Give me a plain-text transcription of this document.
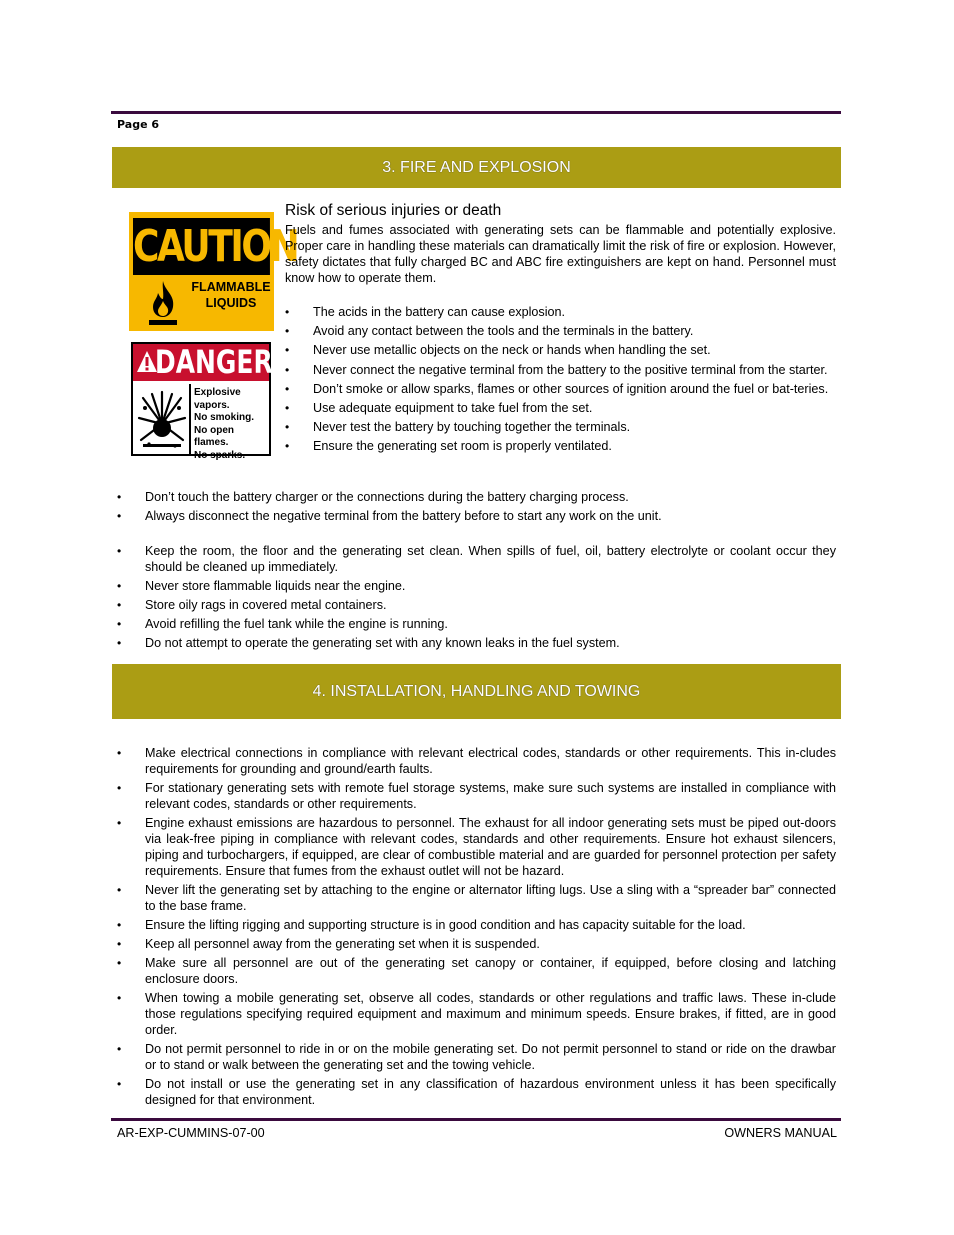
Page 6
3. FIRE AND EXPLOSION
CAUTION
FLAMMABLE
LIQUIDS
DANGER
Explosive
vapors.
No smoking.
No open flames.
No sparks.
Risk of serious injuries or death

Fuels and fumes associated with generating sets can be flammable and potentially explosive. Proper care in handling these materials can dramatically limit the risk of fire or explosion. However, safety dictates that fully charged BC and ABC fire extinguishers are kept on hand. Personnel must know how to operate them.

• The acids in the battery can cause explosion.
• Avoid any contact between the tools and the terminals in the battery.
• Never use metallic objects on the neck or hands when handling the set.
• Never connect the negative terminal from the battery to the positive terminal from the starter.
• Don’t smoke or allow sparks, flames or other sources of ignition around the fuel or bat-teries.
• Use adequate equipment to take fuel from the set.
• Never test the battery by touching together the terminals.
• Ensure the generating set room is properly ventilated.
• Don’t touch the battery charger or the connections during the battery charging process.
• Always disconnect the negative terminal from the battery before to start any work on the unit.
• Keep the room, the floor and the generating set clean. When spills of fuel, oil, battery electrolyte or coolant occur they should be cleaned up immediately.
• Never store flammable liquids near the engine.
• Store oily rags in covered metal containers.
• Avoid refilling the fuel tank while the engine is running.
• Do not attempt to operate the generating set with any known leaks in the fuel system.
4. INSTALLATION, HANDLING AND TOWING
• Make electrical connections in compliance with relevant electrical codes, standards or other requirements. This in-cludes requirements for grounding and ground/earth faults.
• For stationary generating sets with remote fuel storage systems, make sure such systems are installed in compliance with relevant codes, standards or other requirements.
• Engine exhaust emissions are hazardous to personnel. The exhaust for all indoor generating sets must be piped out-doors via leak-free piping in compliance with relevant codes, standards and other requirements. Ensure hot exhaust silencers, piping and turbochargers, if equipped, are clear of combustible material and are guarded for personnel protection per safety requirements. Ensure that fumes from the exhaust outlet will not be hazard.
• Never lift the generating set by attaching to the engine or alternator lifting lugs. Use a sling with a “spreader bar” connected to the base frame.
• Ensure the lifting rigging and supporting structure is in good condition and has capacity suitable for the load.
• Keep all personnel away from the generating set when it is suspended.
• Make sure all personnel are out of the generating set canopy or container, if equipped, before closing and latching enclosure doors.
• When towing a mobile generating set, observe all codes, standards or other regulations and traffic laws. These in-clude those regulations specifying required equipment and maximum and minimum speeds. Ensure brakes, if fitted, are in good order.
• Do not permit personnel to ride in or on the mobile generating set. Do not permit personnel to stand or ride on the drawbar or to stand or walk between the generating set and the towing vehicle.
• Do not install or use the generating set in any classification of hazardous environment unless it has been specifically designed for that environment.
AR-EXP-CUMMINS-07-00	OWNERS MANUAL
